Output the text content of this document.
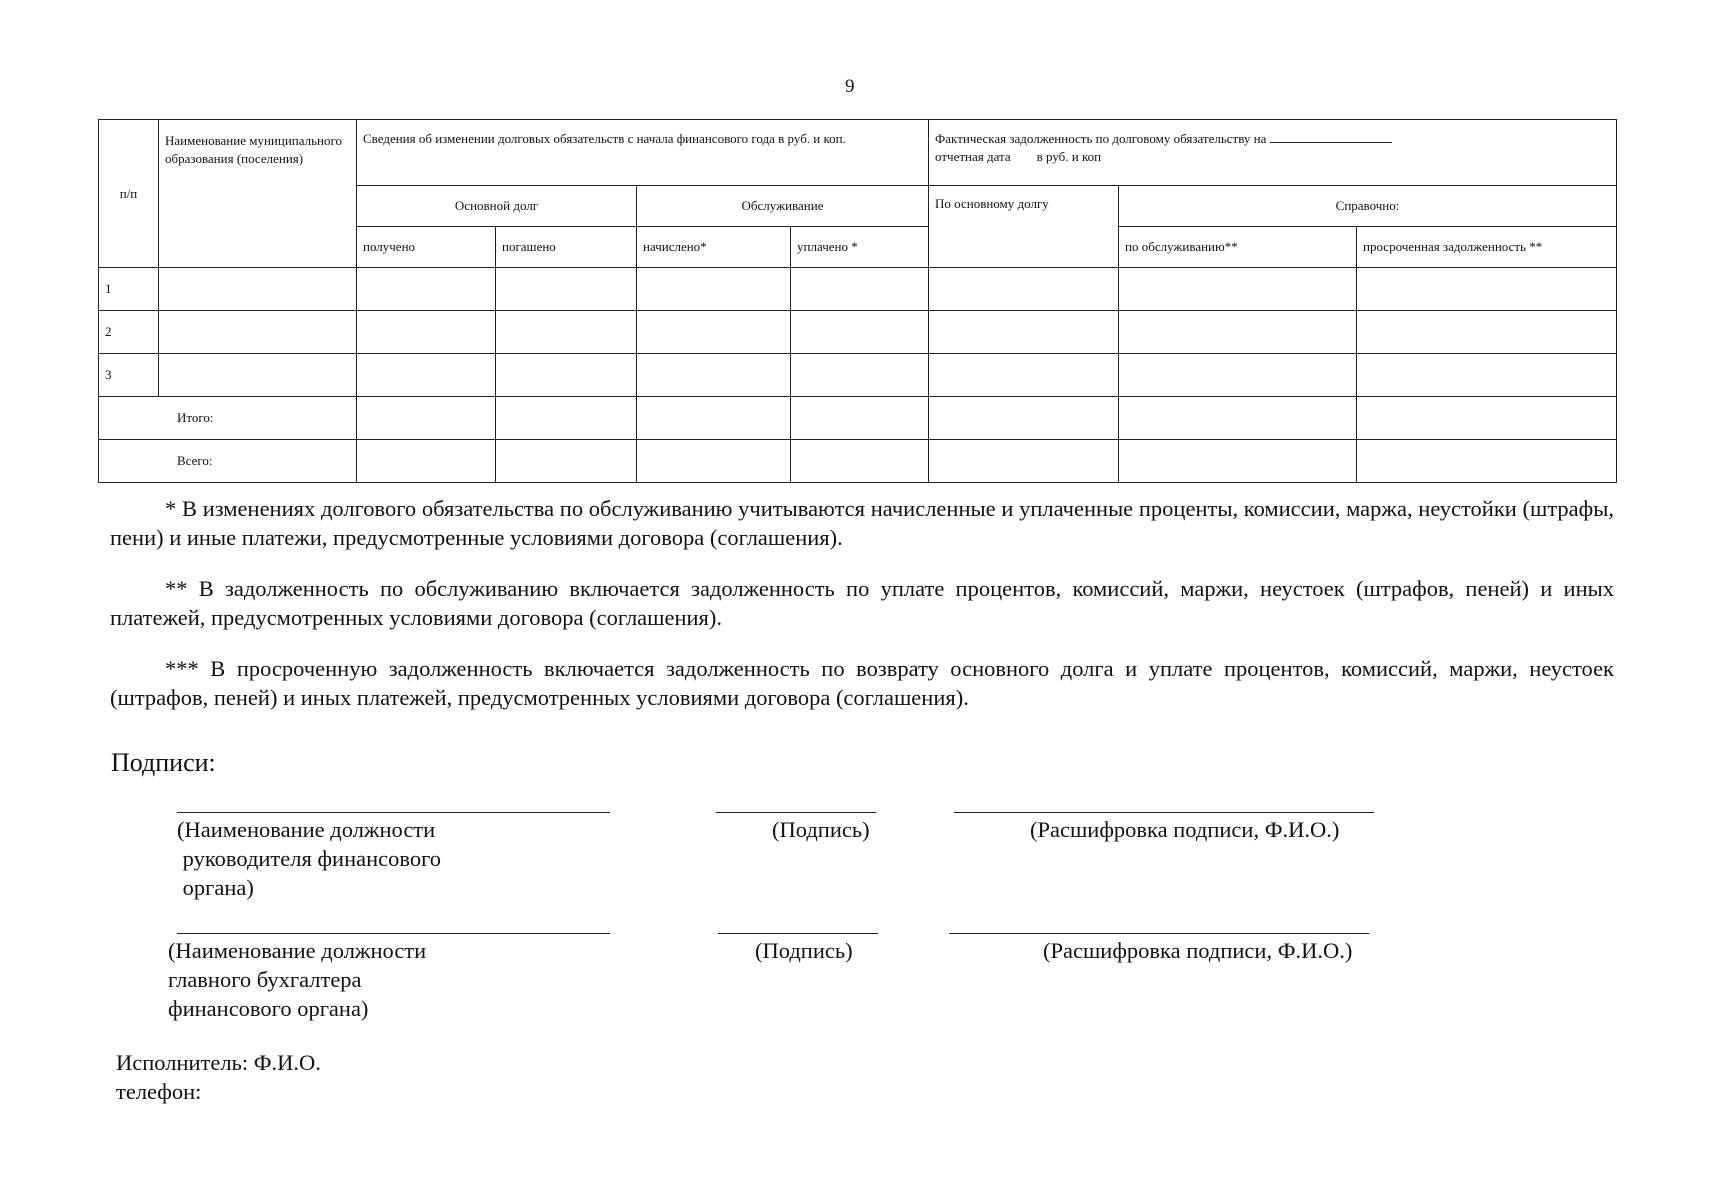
9
п/п	Наименование муниципального образования (поселения)	Сведения об изменении долговых обязательств с начала финансового года в руб. и коп.				Фактическая задолженность по долговому обязательству на
отчетная дата        в руб. и коп		
		Основной долг		Обслуживание		По основному долгу	Справочно:	
		получено	погашено	начислено*	уплачено *		по обслуживанию**	просроченная задолженность **
1								
2								
3								
Итого:								
Всего:								

* В изменениях долгового обязательства по обслуживанию учитываются начисленные и уплаченные проценты, комиссии, маржа, неустойки (штрафы, пени) и иные платежи, предусмотренные условиями договора (соглашения).

** В задолженность по обслуживанию включается задолженность по уплате процентов, комиссий, маржи, неустоек (штрафов, пеней) и иных платежей, предусмотренных условиями договора (соглашения).

*** В просроченную задолженность включается задолженность по возврату основного долга и уплате процентов, комиссий, маржи, неустоек (штрафов, пеней) и иных платежей, предусмотренных условиями договора (соглашения).

Подписи:
(Наименование должности
руководителя финансового
органа)
(Подпись)	(Расшифровка подписи, Ф.И.О.)
(Наименование должности
главного бухгалтера
финансового органа)
(Подпись)	(Расшифровка подписи, Ф.И.О.)
Исполнитель: Ф.И.О.
телефон:
